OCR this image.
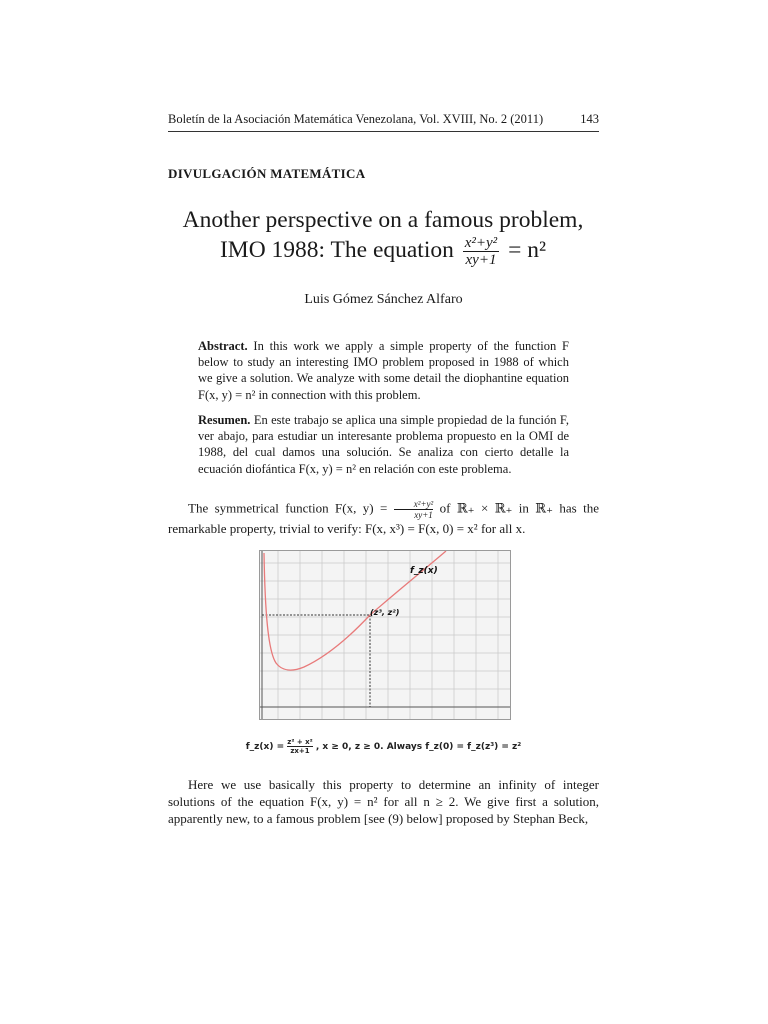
Boletín de la Asociación Matemática Venezolana, Vol. XVIII, No. 2 (2011)	143
DIVULGACIÓN MATEMÁTICA
Another perspective on a famous problem,
IMO 1988: The equation $\frac{\text{x²+y²}}{xy+1} = n^2$
Luis Gómez Sánchez Alfaro
Abstract. In this work we apply a simple property of the function F below to study an interesting IMO problem proposed in 1988 of which we give a solution. We analyze with some detail the diophantine equation F(x, y) = n² in connection with this problem.
Resumen. En este trabajo se aplica una simple propiedad de la función F, ver abajo, para estudiar un interesante problema propuesto en la OMI de 1988, del cual damos una solución. Se analiza con cierto detalle la ecuación diofántica F(x, y) = n² en relación con este problema.
The symmetrical function F(x, $y) = \frac{\text{x²+y²}}{xy+1}$ of ℝ₊ × ℝ₊ in ℝ₊ has the remarkable property, trivial to verify: F(x, x³) = F(x, 0) = x² for all x.
f_z(x)
(z³, z²)
f_z(x) = $\frac{\text{z² + x²}}{zx+1}$ , x ≥ 0, z ≥ 0. Always f_z(0) = f_z(z³) = z²
Here we use basically this property to determine an infinity of integer solutions of the equation F(x, y) = n² for all n ≥ 2. We give first a solution, apparently new, to a famous problem [see (9) below] proposed by Stephan Beck,
